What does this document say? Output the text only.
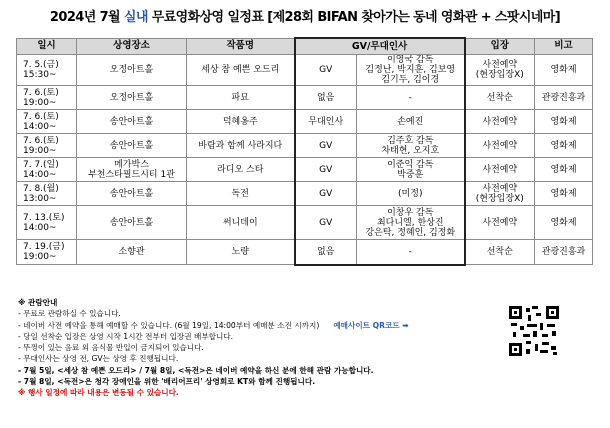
2024년 7월 실내 무료영화상영 일정표 [제28회 BIFAN 찾아가는 동네 영화관 + 스팟시네마]
일시	상영장소	작품명	GV/무대인사		입장	비고
7. 5.(금)
15:30~	오정아트홀	세상 참 예쁜 오드리	GV	이영국 감독
김정난, 박지훈, 김보영
김기두, 김이경	사전예약
(현장입장X)	영화제
7. 6.(토)
19:00~	오정아트홀	파묘	없음	-	선착순	관광진흥과
7. 6.(토)
14:00~	송안아트홀	덕혜옹주	무대인사	손예진	사전예약	영화제
7. 6.(토)
19:00~	송안아트홀	바람과 함께 사라지다	GV	김주호 감독
차태현, 오지호	사전예약	영화제
7. 7.(일)
14:00~	메가박스
부천스타필드시티 1관	라디오 스타	GV	이준익 감독
박중훈	사전예약	영화제
7. 8.(월)
13:00~	송안아트홀	독전	GV	(미정)	사전예약
(현장입장X)	영화제
7. 13.(토)
14:00~	송안아트홀	써니데이	GV	이창우 감독
최다니엘, 한상진
강은탁, 정혜인, 김정화	사전예약	영화제
7. 19.(금)
19:00~	소향관	노량	없음	-	선착순	관광진흥과
※ 관람안내
- 무료로 관람하실 수 있습니다.
- 네이버 사전 예약을 통해 예매할 수 있습니다. (6월 19일, 14:00부터 예매분 소진 시까지) 예매사이트 QR코드 ➡
- 당일 선착순 입장은 상영 시작 1시간 전부터 입장권 배부합니다.
- 뚜껑이 있는 음료 외 음식물 반입이 금지되어 있습니다.
- 무대인사는 상영 전, GV는 상영 후 진행됩니다.
- 7월 5일, <세상 참 예쁜 오드리> / 7월 8일, <독전>은 네이버 예약을 하신 분에 한해 관람 가능합니다.
- 7월 8일, <독전>은 청각 장애인을 위한 '배리어프리' 상영회로 KT와 함께 진행됩니다.
※ 행사 일정에 따라 내용은 변동될 수 있습니다.
